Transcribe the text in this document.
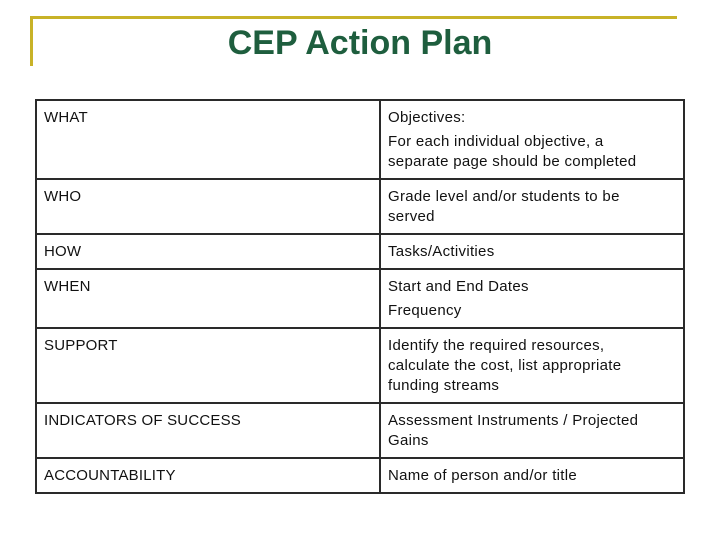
CEP Action Plan
WHAT	Objectives:
For each individual objective, a
separate page should be completed

WHO	Grade level and/or students to be
served

HOW	Tasks/Activities

WHEN	Start and End Dates
Frequency

SUPPORT	Identify the required resources,
calculate the cost, list appropriate
funding streams

INDICATORS OF SUCCESS	Assessment Instruments / Projected
Gains

ACCOUNTABILITY	Name of person and/or title
